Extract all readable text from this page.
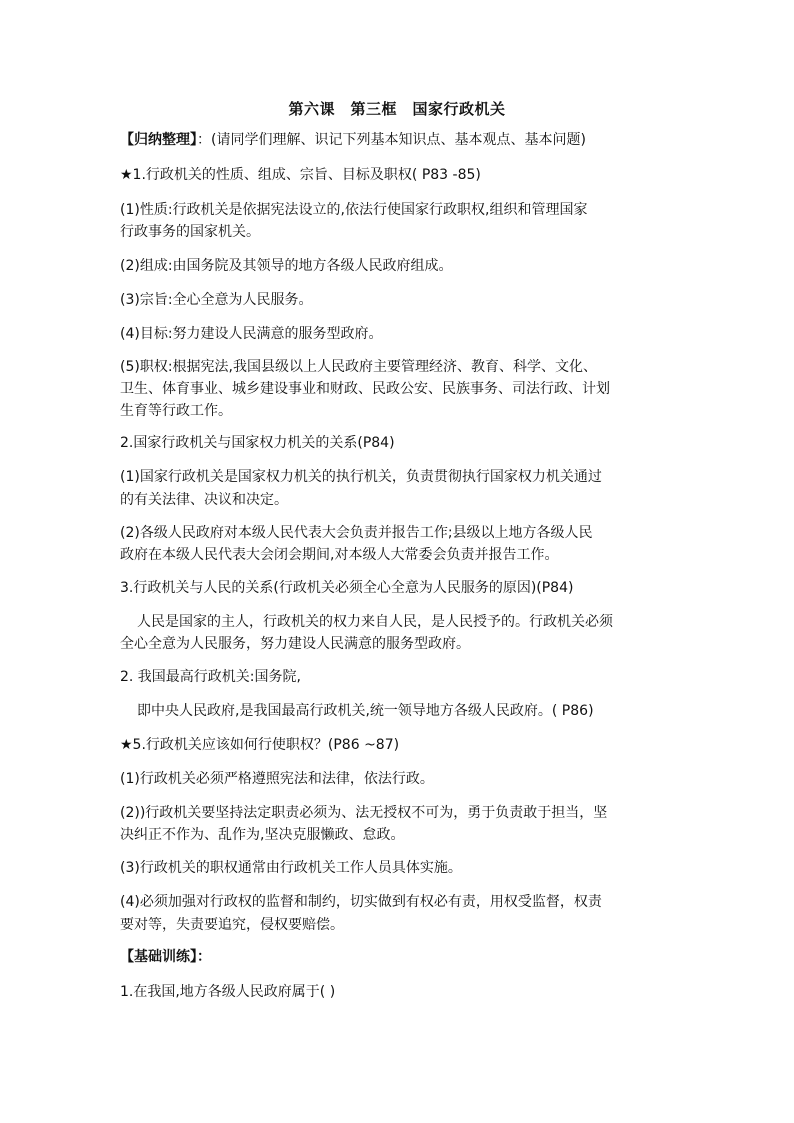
第六课　第三框　国家行政机关
【归纳整理】：(请同学们理解、识记下列基本知识点、基本观点、基本问题)
★1.行政机关的性质、组成、宗旨、目标及职权( P83 -85)
(1)性质:行政机关是依据宪法设立的,依法行使国家行政职权,组织和管理国家
行政事务的国家机关。
(2)组成:由国务院及其领导的地方各级人民政府组成。
(3)宗旨:全心全意为人民服务。
(4)目标:努力建设人民满意的服务型政府。
(5)职权:根据宪法,我国县级以上人民政府主要管理经济、教育、科学、文化、
卫生、体育事业、城乡建设事业和财政、民政公安、民族事务、司法行政、计划
生育等行政工作。
2.国家行政机关与国家权力机关的关系(P84)
(1)国家行政机关是国家权力机关的执行机关，负责贯彻执行国家权力机关通过
的有关法律、决议和决定。
(2)各级人民政府对本级人民代表大会负责并报告工作;县级以上地方各级人民
政府在本级人民代表大会闭会期间,对本级人大常委会负责并报告工作。
3.行政机关与人民的关系(行政机关必须全心全意为人民服务的原因)(P84)
人民是国家的主人，行政机关的权力来自人民，是人民授予的。行政机关必须
全心全意为人民服务，努力建设人民满意的服务型政府。
2. 我国最高行政机关:国务院,
即中央人民政府,是我国最高行政机关,统一领导地方各级人民政府。( P86)
★5.行政机关应该如何行使职权？(P86 ~87)
(1)行政机关必须严格遵照宪法和法律，依法行政。
(2))行政机关要坚持法定职责必须为、法无授权不可为，勇于负责敢于担当，坚
决纠正不作为、乱作为,坚决克服懒政、怠政。
(3)行政机关的职权通常由行政机关工作人员具体实施。
(4)必须加强对行政权的监督和制约，切实做到有权必有责，用权受监督，权责
要对等，失责要追究，侵权要赔偿。
【基础训练】：
1.在我国,地方各级人民政府属于( )
